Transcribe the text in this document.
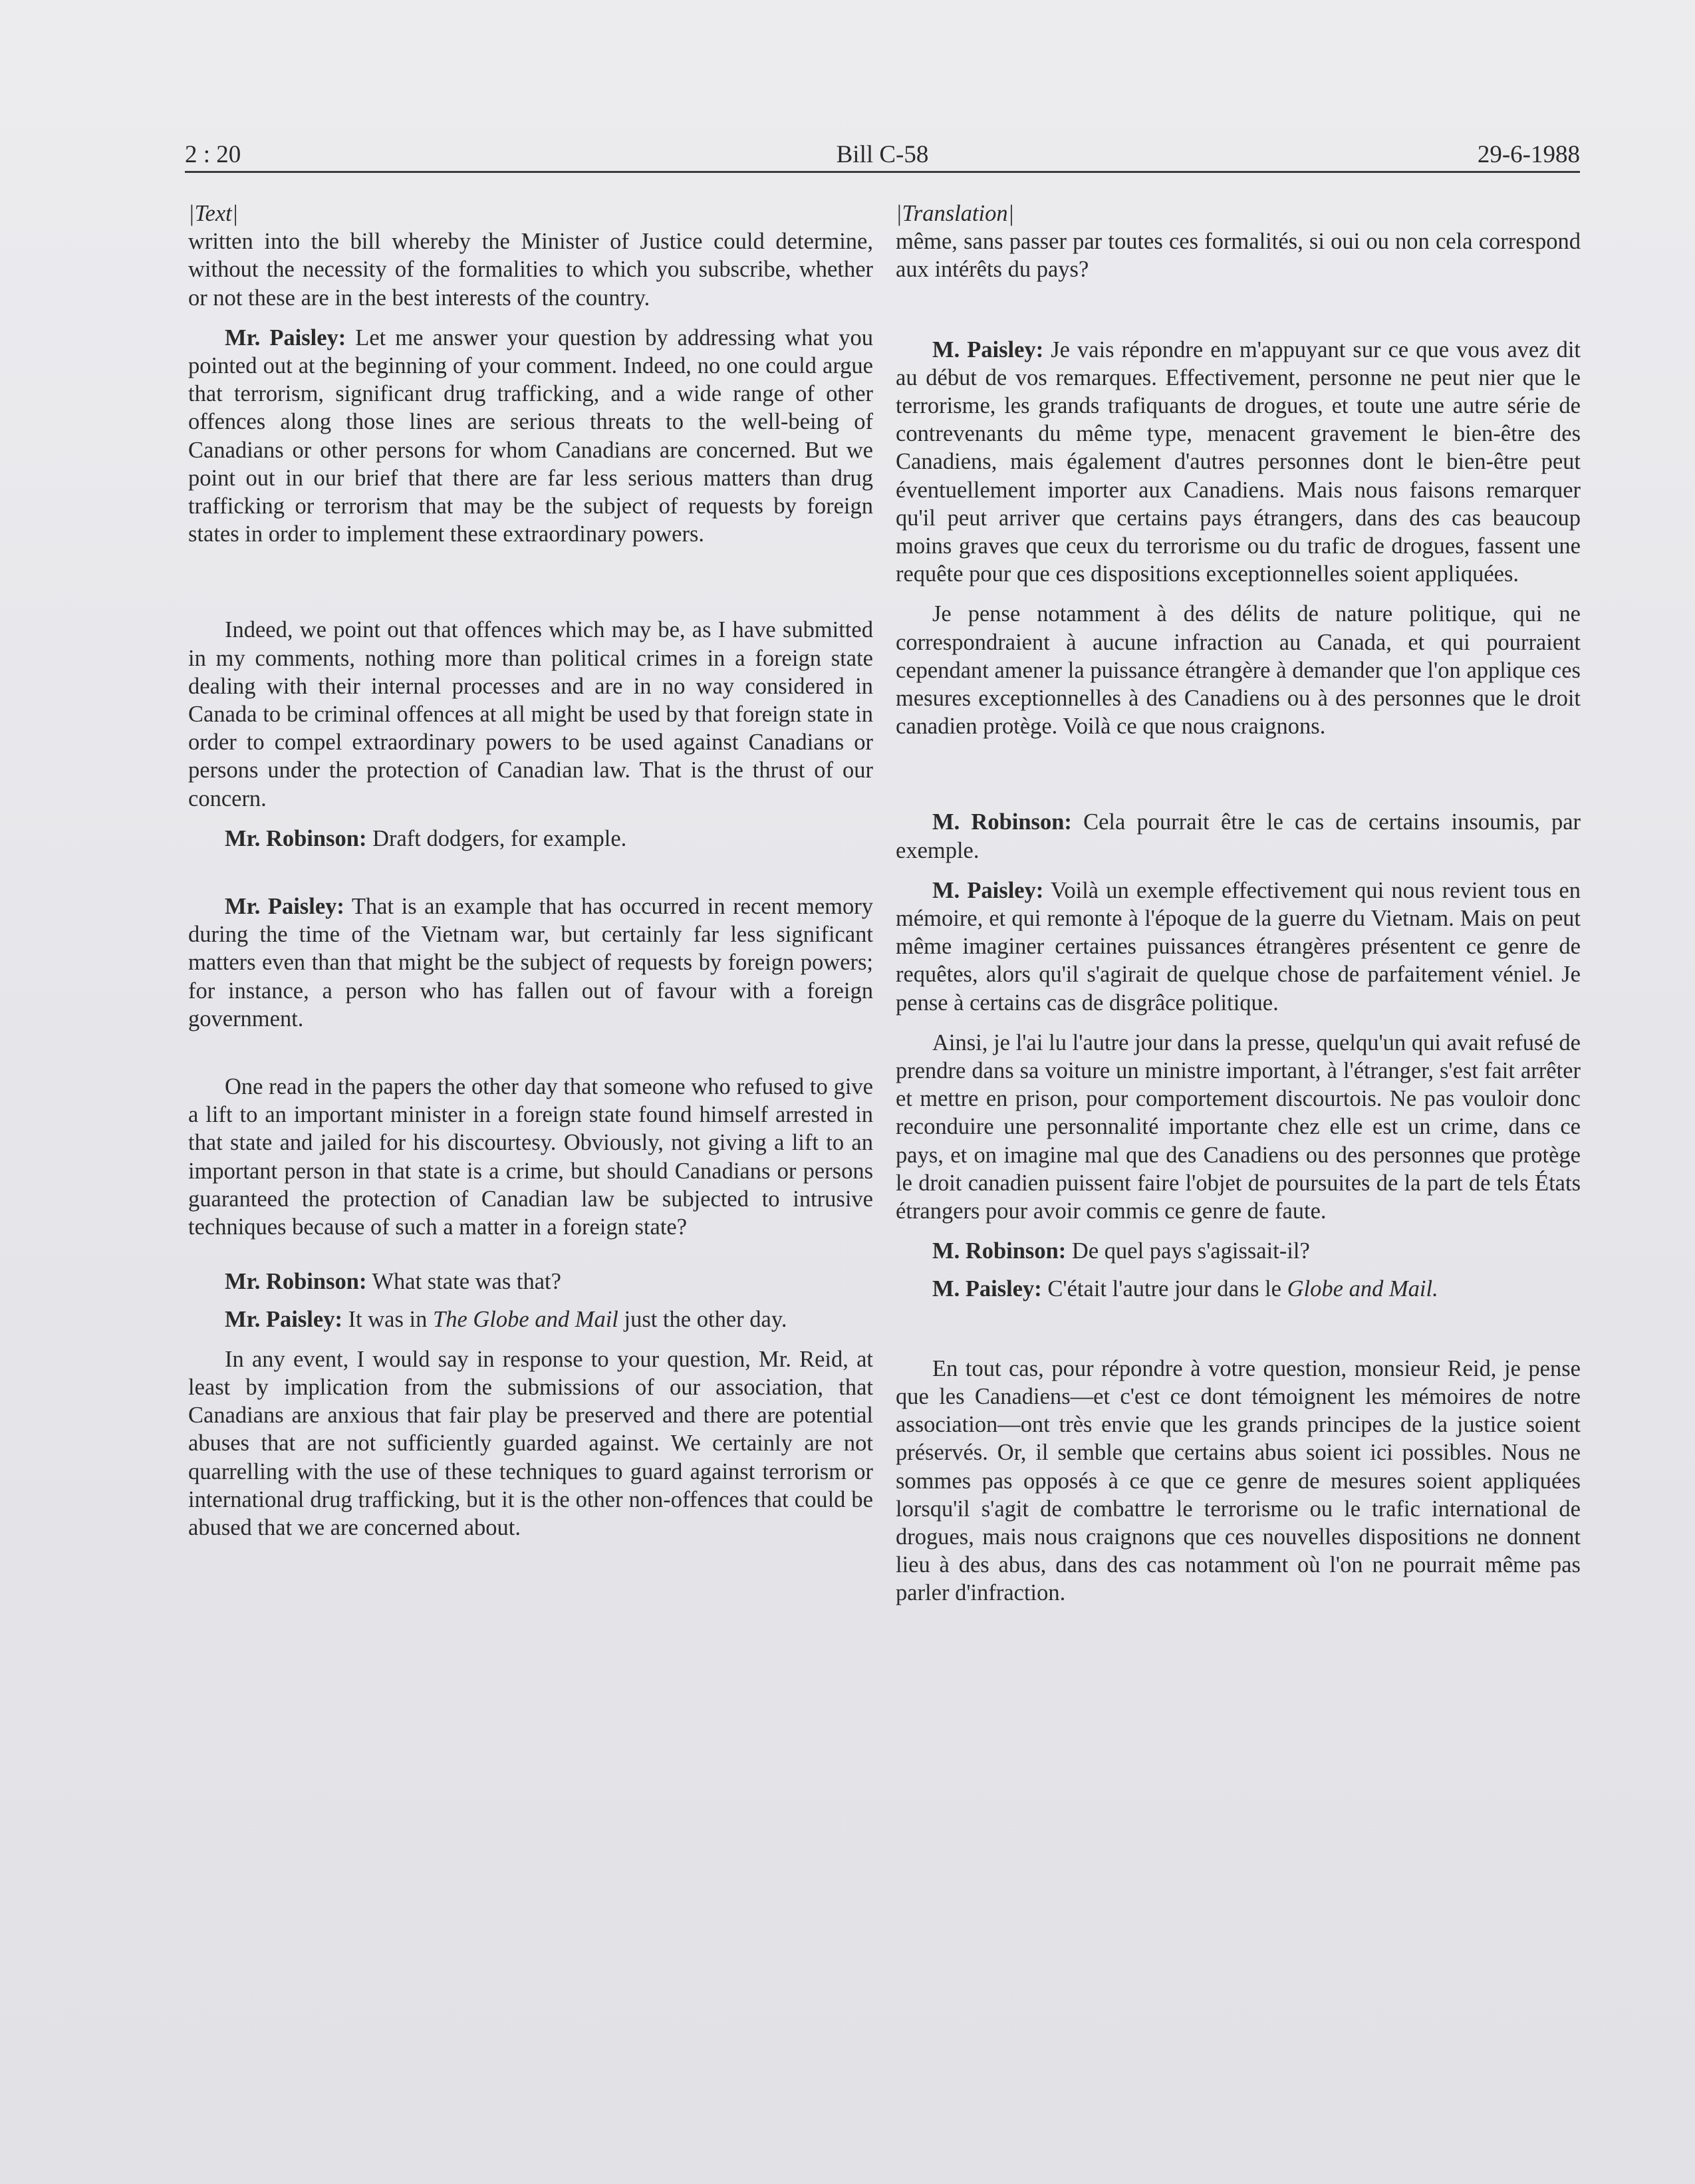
2 : 20	Bill C-58	29-6-1988

|Text|

written into the bill whereby the Minister of Justice could determine, without the necessity of the formalities to which you subscribe, whether or not these are in the best interests of the country.

Mr. Paisley: Let me answer your question by addressing what you pointed out at the beginning of your comment. Indeed, no one could argue that terrorism, significant drug trafficking, and a wide range of other offences along those lines are serious threats to the well-being of Canadians or other persons for whom Canadians are concerned. But we point out in our brief that there are far less serious matters than drug trafficking or terrorism that may be the subject of requests by foreign states in order to implement these extraordinary powers.

Indeed, we point out that offences which may be, as I have submitted in my comments, nothing more than political crimes in a foreign state dealing with their internal processes and are in no way considered in Canada to be criminal offences at all might be used by that foreign state in order to compel extraordinary powers to be used against Canadians or persons under the protection of Canadian law. That is the thrust of our concern.

Mr. Robinson: Draft dodgers, for example.

Mr. Paisley: That is an example that has occurred in recent memory during the time of the Vietnam war, but certainly far less significant matters even than that might be the subject of requests by foreign powers; for instance, a person who has fallen out of favour with a foreign government.

One read in the papers the other day that someone who refused to give a lift to an important minister in a foreign state found himself arrested in that state and jailed for his discourtesy. Obviously, not giving a lift to an important person in that state is a crime, but should Canadians or persons guaranteed the protection of Canadian law be subjected to intrusive techniques because of such a matter in a foreign state?

Mr. Robinson: What state was that?

Mr. Paisley: It was in The Globe and Mail just the other day.

In any event, I would say in response to your question, Mr. Reid, at least by implication from the submissions of our association, that Canadians are anxious that fair play be preserved and there are potential abuses that are not sufficiently guarded against. We certainly are not quarrelling with the use of these techniques to guard against terrorism or international drug trafficking, but it is the other non-offences that could be abused that we are concerned about.

|Translation|

même, sans passer par toutes ces formalités, si oui ou non cela correspond aux intérêts du pays?

M. Paisley: Je vais répondre en m'appuyant sur ce que vous avez dit au début de vos remarques. Effectivement, personne ne peut nier que le terrorisme, les grands trafiquants de drogues, et toute une autre série de contrevenants du même type, menacent gravement le bien-être des Canadiens, mais également d'autres personnes dont le bien-être peut éventuellement importer aux Canadiens. Mais nous faisons remarquer qu'il peut arriver que certains pays étrangers, dans des cas beaucoup moins graves que ceux du terrorisme ou du trafic de drogues, fassent une requête pour que ces dispositions exceptionnelles soient appliquées.

Je pense notamment à des délits de nature politique, qui ne correspondraient à aucune infraction au Canada, et qui pourraient cependant amener la puissance étrangère à demander que l'on applique ces mesures exceptionnelles à des Canadiens ou à des personnes que le droit canadien protège. Voilà ce que nous craignons.

M. Robinson: Cela pourrait être le cas de certains insoumis, par exemple.

M. Paisley: Voilà un exemple effectivement qui nous revient tous en mémoire, et qui remonte à l'époque de la guerre du Vietnam. Mais on peut même imaginer certaines puissances étrangères présentent ce genre de requêtes, alors qu'il s'agirait de quelque chose de parfaitement véniel. Je pense à certains cas de disgrâce politique.

Ainsi, je l'ai lu l'autre jour dans la presse, quelqu'un qui avait refusé de prendre dans sa voiture un ministre important, à l'étranger, s'est fait arrêter et mettre en prison, pour comportement discourtois. Ne pas vouloir donc reconduire une personnalité importante chez elle est un crime, dans ce pays, et on imagine mal que des Canadiens ou des personnes que protège le droit canadien puissent faire l'objet de poursuites de la part de tels États étrangers pour avoir commis ce genre de faute.

M. Robinson: De quel pays s'agissait-il?

M. Paisley: C'était l'autre jour dans le Globe and Mail.

En tout cas, pour répondre à votre question, monsieur Reid, je pense que les Canadiens—et c'est ce dont témoignent les mémoires de notre association—ont très envie que les grands principes de la justice soient préservés. Or, il semble que certains abus soient ici possibles. Nous ne sommes pas opposés à ce que ce genre de mesures soient appliquées lorsqu'il s'agit de combattre le terrorisme ou le trafic international de drogues, mais nous craignons que ces nouvelles dispositions ne donnent lieu à des abus, dans des cas notamment où l'on ne pourrait même pas parler d'infraction.
